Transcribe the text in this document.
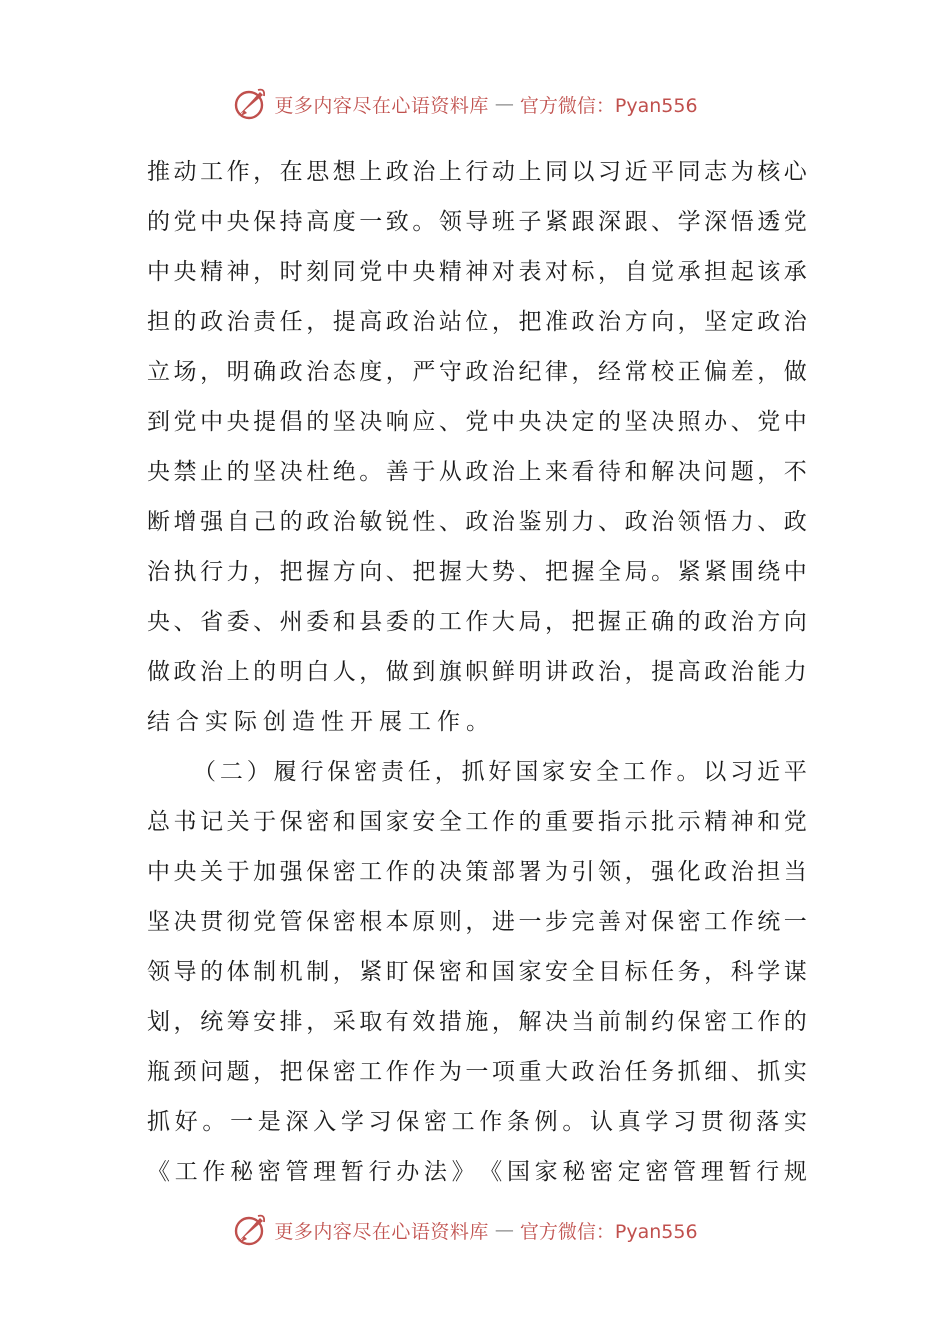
更多内容尽在心语资料库 — 官方微信：Pyan556
推 动 工 作 ， 在 思 想 上 政 治 上 行 动 上 同 以 习 近 平 同 志 为 核 心
的 党 中 央 保 持 高 度 一 致 。 领 导 班 子 紧 跟 深 跟 、 学 深 悟 透 党
中 央 精 神 ， 时 刻 同 党 中 央 精 神 对 表 对 标 ， 自 觉 承 担 起 该 承
担 的 政 治 责 任 ， 提 高 政 治 站 位 ， 把 准 政 治 方 向 ， 坚 定 政 治
立 场 ， 明 确 政 治 态 度 ， 严 守 政 治 纪 律 ， 经 常 校 正 偏 差 ， 做
到 党 中 央 提 倡 的 坚 决 响 应 、 党 中 央 决 定 的 坚 决 照 办 、 党 中
央 禁 止 的 坚 决 杜 绝 。 善 于 从 政 治 上 来 看 待 和 解 决 问 题 ， 不
断 增 强 自 己 的 政 治 敏 锐 性 、 政 治 鉴 别 力 、 政 治 领 悟 力 、 政
治 执 行 力 ， 把 握 方 向 、 把 握 大 势 、 把 握 全 局 。 紧 紧 围 绕 中
央 、 省 委 、 州 委 和 县 委 的 工 作 大 局 ， 把 握 正 确 的 政 治 方 向
做 政 治 上 的 明 白 人 ， 做 到 旗 帜 鲜 明 讲 政 治 ， 提 高 政 治 能 力
结合实际创造性开展工作。
（ 二 ） 履 行 保 密 责 任 ， 抓 好 国 家 安 全 工 作 。 以 习 近 平
总 书 记 关 于 保 密 和 国 家 安 全 工 作 的 重 要 指 示 批 示 精 神 和 党
中 央 关 于 加 强 保 密 工 作 的 决 策 部 署 为 引 领 ， 强 化 政 治 担 当
坚 决 贯 彻 党 管 保 密 根 本 原 则 ， 进 一 步 完 善 对 保 密 工 作 统 一
领 导 的 体 制 机 制 ， 紧 盯 保 密 和 国 家 安 全 目 标 任 务 ， 科 学 谋
划 ， 统 筹 安 排 ， 采 取 有 效 措 施 ， 解 决 当 前 制 约 保 密 工 作 的
瓶 颈 问 题 ， 把 保 密 工 作 作 为 一 项 重 大 政 治 任 务 抓 细 、 抓 实
抓 好 。 一 是 深 入 学 习 保 密 工 作 条 例 。 认 真 学 习 贯 彻 落 实
《 工 作 秘 密 管 理 暂 行 办 法 》 《 国 家 秘 密 定 密 管 理 暂 行 规
更多内容尽在心语资料库 — 官方微信：Pyan556
